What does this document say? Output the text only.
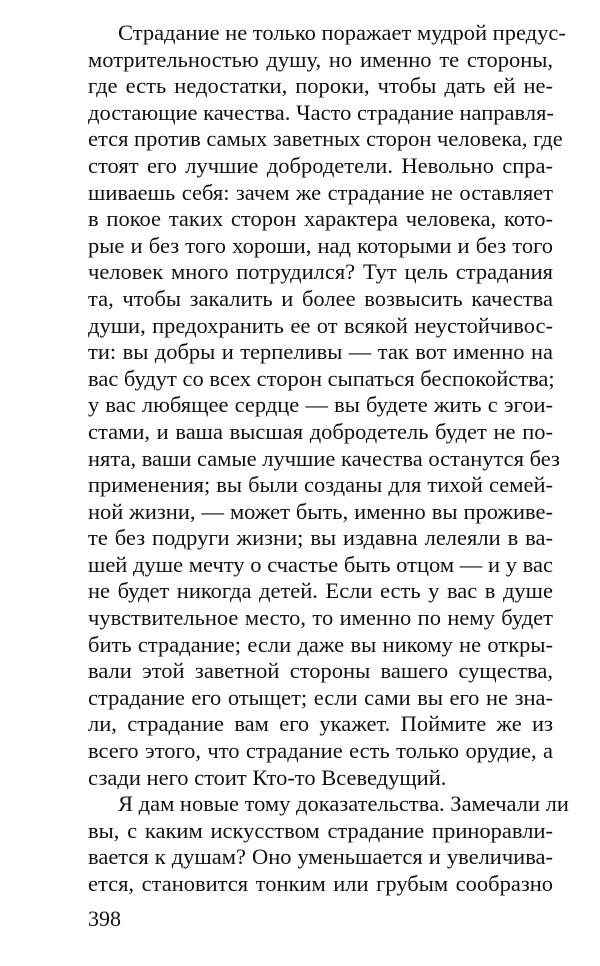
Страдание не только поражает мудрой предус-
мотрительностью душу, но именно те стороны,
где есть недостатки, пороки, чтобы дать ей не-
достающие качества. Часто страдание направля-
ется против самых заветных сторон человека, где
стоят его лучшие добродетели. Невольно спра-
шиваешь себя: зачем же страдание не оставляет
в покое таких сторон характера человека, кото-
рые и без того хороши, над которыми и без того
человек много потрудился? Тут цель страдания
та, чтобы закалить и более возвысить качества
души, предохранить ее от всякой неустойчивос-
ти: вы добры и терпеливы — так вот именно на
вас будут со всех сторон сыпаться беспокойства;
у вас любящее сердце — вы будете жить с эгои-
стами, и ваша высшая добродетель будет не по-
нята, ваши самые лучшие качества останутся без
применения; вы были созданы для тихой семей-
ной жизни, — может быть, именно вы проживе-
те без подруги жизни; вы издавна лелеяли в ва-
шей душе мечту о счастье быть отцом — и у вас
не будет никогда детей. Если есть у вас в душе
чувствительное место, то именно по нему будет
бить страдание; если даже вы никому не откры-
вали этой заветной стороны вашего существа,
страдание его отыщет; если сами вы его не зна-
ли, страдание вам его укажет. Поймите же из
всего этого, что страдание есть только орудие, а
сзади него стоит Кто-то Всеведущий.
Я дам новые тому доказательства. Замечали ли
вы, с каким искусством страдание приноравли-
вается к душам? Оно уменьшается и увеличива-
ется, становится тонким или грубым сообразно
398
